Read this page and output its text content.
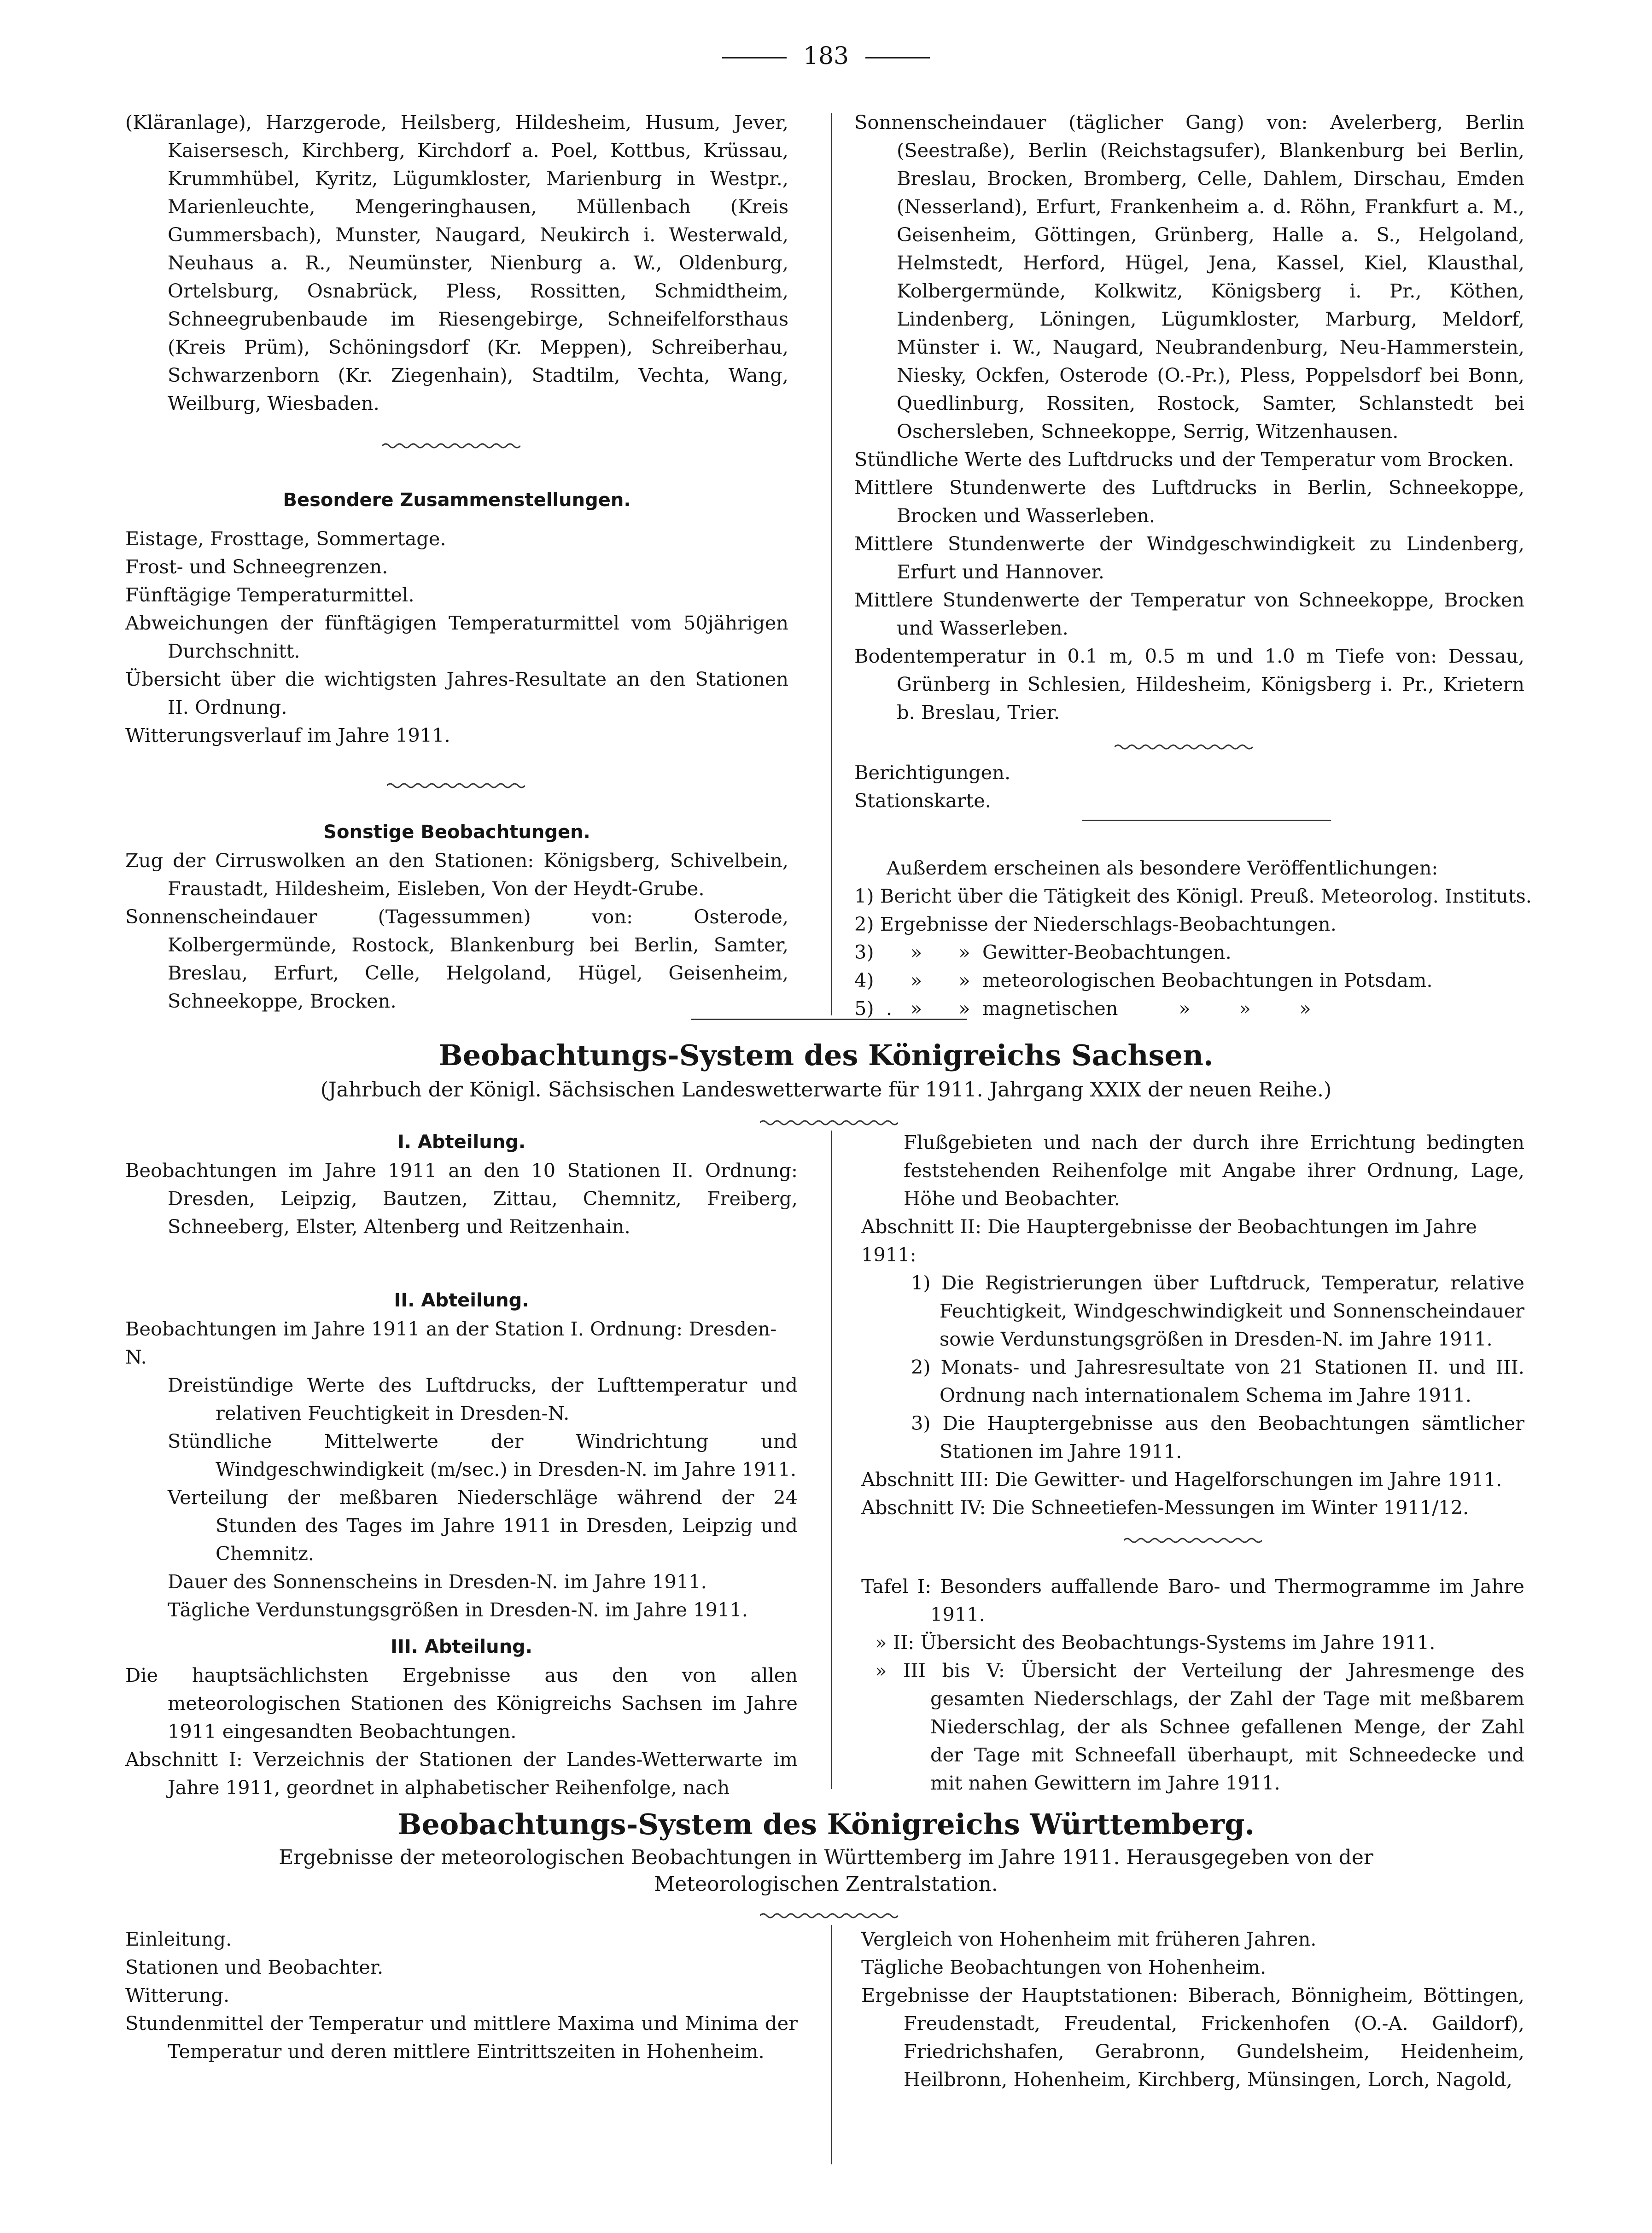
183

(Kläranlage), Harzgerode, Heilsberg, Hildesheim, Husum, Jever, Kaisersesch, Kirchberg, Kirchdorf a. Poel, Kottbus, Krüssau, Krummhübel, Kyritz, Lügumkloster, Marienburg in Westpr., Marienleuchte, Mengeringhausen, Müllenbach (Kreis Gummersbach), Munster, Naugard, Neukirch i. Westerwald, Neuhaus a. R., Neumünster, Nienburg a. W., Oldenburg, Ortelsburg, Osnabrück, Pless, Rossitten, Schmidtheim, Schneegrubenbaude im Riesengebirge, Schneifelforsthaus (Kreis Prüm), Schöningsdorf (Kr. Meppen), Schreiberhau, Schwarzenborn (Kr. Ziegenhain), Stadtilm, Vechta, Wang, Weilburg, Wiesbaden.

Besondere Zusammenstellungen.

Eistage, Frosttage, Sommertage.

Frost- und Schneegrenzen.

Fünftägige Temperaturmittel.

Abweichungen der fünftägigen Temperaturmittel vom 50jährigen Durchschnitt.

Übersicht über die wichtigsten Jahres-Resultate an den Stationen II. Ordnung.

Witterungsverlauf im Jahre 1911.

Sonstige Beobachtungen.

Zug der Cirruswolken an den Stationen: Königsberg, Schivelbein, Fraustadt, Hildesheim, Eisleben, Von der Heydt-Grube.

Sonnenscheindauer (Tagessummen) von: Osterode, Kolbergermünde, Rostock, Blankenburg bei Berlin, Samter, Breslau, Erfurt, Celle, Helgoland, Hügel, Geisenheim, Schneekoppe, Brocken.

Sonnenscheindauer (täglicher Gang) von: Avelerberg, Berlin (Seestraße), Berlin (Reichstagsufer), Blankenburg bei Berlin, Breslau, Brocken, Bromberg, Celle, Dahlem, Dirschau, Emden (Nesserland), Erfurt, Frankenheim a. d. Röhn, Frankfurt a. M., Geisenheim, Göttingen, Grünberg, Halle a. S., Helgoland, Helmstedt, Herford, Hügel, Jena, Kassel, Kiel, Klausthal, Kolbergermünde, Kolkwitz, Königsberg i. Pr., Köthen, Lindenberg, Löningen, Lügumkloster, Marburg, Meldorf, Münster i. W., Naugard, Neubrandenburg, Neu-Hammerstein, Niesky, Ockfen, Osterode (O.-Pr.), Pless, Poppelsdorf bei Bonn, Quedlinburg, Rossiten, Rostock, Samter, Schlanstedt bei Oschersleben, Schneekoppe, Serrig, Witzenhausen.

Stündliche Werte des Luftdrucks und der Temperatur vom Brocken.

Mittlere Stundenwerte des Luftdrucks in Berlin, Schneekoppe, Brocken und Wasserleben.

Mittlere Stundenwerte der Windgeschwindigkeit zu Lindenberg, Erfurt und Hannover.

Mittlere Stundenwerte der Temperatur von Schneekoppe, Brocken und Wasserleben.

Bodentemperatur in 0.1 m, 0.5 m und 1.0 m Tiefe von: Dessau, Grünberg in Schlesien, Hildesheim, Königsberg i. Pr., Krietern b. Breslau, Trier.

Berichtigungen.

Stationskarte.

Außerdem erscheinen als besondere Veröffentlichungen:

1) Bericht über die Tätigkeit des Königl. Preuß. Meteorolog. Instituts.

2) Ergebnisse der Niederschlags-Beobachtungen.

3)      »      »  Gewitter-Beobachtungen.

4)      »      »  meteorologischen Beobachtungen in Potsdam.

5)  .   »      »  magnetischen          »        »        »

Beobachtungs-System des Königreichs Sachsen.
(Jahrbuch der Königl. Sächsischen Landeswetterwarte für 1911. Jahrgang XXIX der neuen Reihe.)

I. Abteilung.

Beobachtungen im Jahre 1911 an den 10 Stationen II. Ordnung: Dresden, Leipzig, Bautzen, Zittau, Chemnitz, Freiberg, Schneeberg, Elster, Altenberg und Reitzenhain.

II. Abteilung.

Beobachtungen im Jahre 1911 an der Station I. Ordnung: Dresden-N.

Dreistündige Werte des Luftdrucks, der Lufttemperatur und relativen Feuchtigkeit in Dresden-N.

Stündliche Mittelwerte der Windrichtung und Windgeschwindigkeit (m/sec.) in Dresden-N. im Jahre 1911.

Verteilung der meßbaren Niederschläge während der 24 Stunden des Tages im Jahre 1911 in Dresden, Leipzig und Chemnitz.

Dauer des Sonnenscheins in Dresden-N. im Jahre 1911.

Tägliche Verdunstungsgrößen in Dresden-N. im Jahre 1911.

III. Abteilung.

Die hauptsächlichsten Ergebnisse aus den von allen meteorologischen Stationen des Königreichs Sachsen im Jahre 1911 eingesandten Beobachtungen.

Abschnitt I: Verzeichnis der Stationen der Landes-Wetterwarte im Jahre 1911, geordnet in alphabetischer Reihenfolge, nach

Flußgebieten und nach der durch ihre Errichtung bedingten feststehenden Reihenfolge mit Angabe ihrer Ordnung, Lage, Höhe und Beobachter.

Abschnitt II: Die Hauptergebnisse der Beobachtungen im Jahre 1911:

1) Die Registrierungen über Luftdruck, Temperatur, relative Feuchtigkeit, Windgeschwindigkeit und Sonnenscheindauer sowie Verdunstungsgrößen in Dresden-N. im Jahre 1911.

2) Monats- und Jahresresultate von 21 Stationen II. und III. Ordnung nach internationalem Schema im Jahre 1911.

3) Die Hauptergebnisse aus den Beobachtungen sämtlicher Stationen im Jahre 1911.

Abschnitt III: Die Gewitter- und Hagelforschungen im Jahre 1911.

Abschnitt IV: Die Schneetiefen-Messungen im Winter 1911/12.

Tafel I: Besonders auffallende Baro- und Thermogramme im Jahre 1911.

» II: Übersicht des Beobachtungs-Systems im Jahre 1911.

» III bis V: Übersicht der Verteilung der Jahresmenge des gesamten Niederschlags, der Zahl der Tage mit meßbarem Niederschlag, der als Schnee gefallenen Menge, der Zahl der Tage mit Schneefall überhaupt, mit Schneedecke und mit nahen Gewittern im Jahre 1911.

Beobachtungs-System des Königreichs Württemberg.
Ergebnisse der meteorologischen Beobachtungen in Württemberg im Jahre 1911. Herausgegeben von der
Meteorologischen Zentralstation.

Einleitung.

Stationen und Beobachter.

Witterung.

Stundenmittel der Temperatur und mittlere Maxima und Minima der Temperatur und deren mittlere Eintrittszeiten in Hohenheim.

Vergleich von Hohenheim mit früheren Jahren.

Tägliche Beobachtungen von Hohenheim.

Ergebnisse der Hauptstationen: Biberach, Bönnigheim, Böttingen, Freudenstadt, Freudental, Frickenhofen (O.-A. Gaildorf), Friedrichshafen, Gerabronn, Gundelsheim, Heidenheim, Heilbronn, Hohenheim, Kirchberg, Münsingen, Lorch, Nagold,
